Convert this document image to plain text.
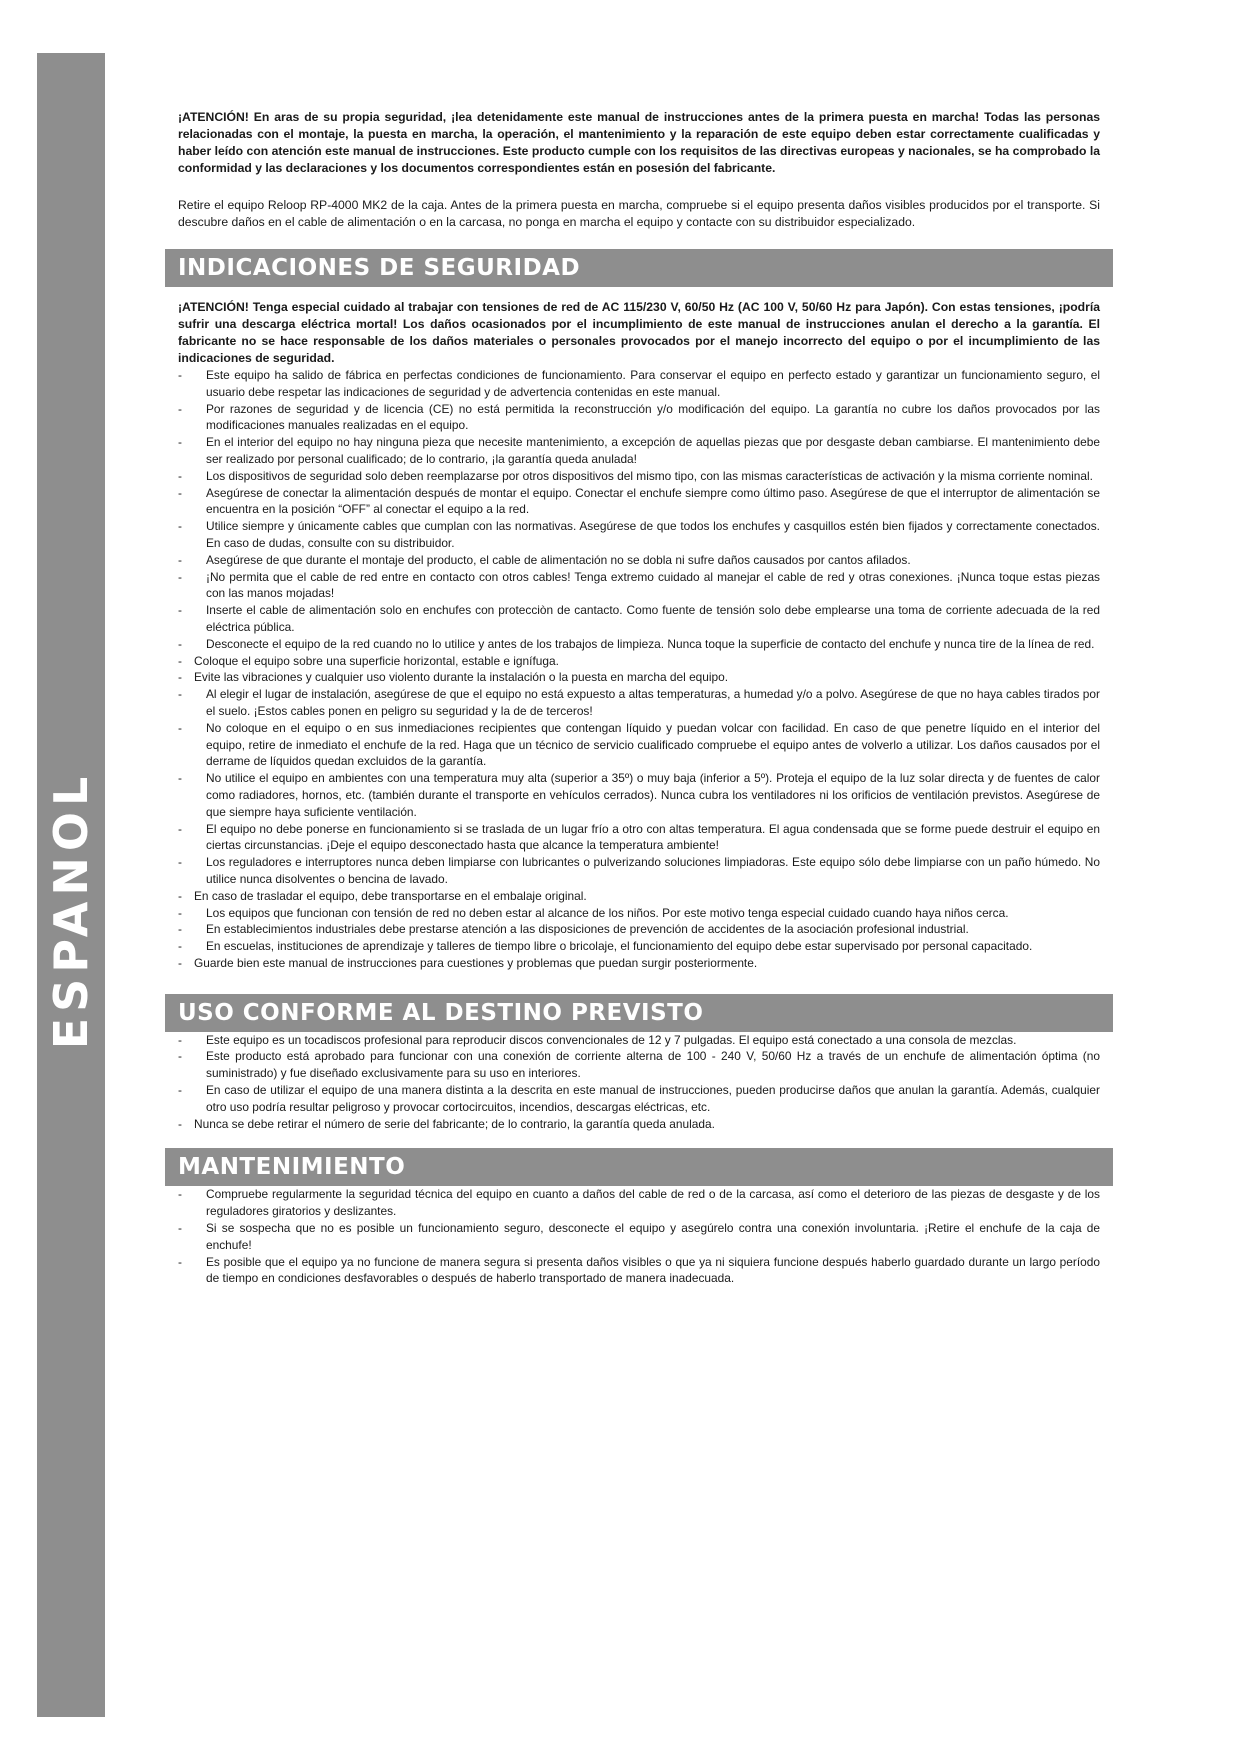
ESPANOL
14

¡ATENCIÓN! En aras de su propia seguridad, ¡lea detenidamente este manual de instrucciones antes de la primera puesta en marcha! Todas las personas relacionadas con el montaje, la puesta en marcha, la operación, el mantenimiento y la reparación de este equipo deben estar correctamente cualificadas y haber leído con atención este manual de instrucciones. Este producto cumple con los requisitos de las directivas europeas y nacionales, se ha comprobado la conformidad y las declaraciones y los documentos correspondientes están en posesión del fabricante.

Retire el equipo Reloop RP-4000 MK2 de la caja. Antes de la primera puesta en marcha, compruebe si el equipo presenta daños visibles producidos por el transporte. Si descubre daños en el cable de alimentación o en la carcasa, no ponga en marcha el equipo y contacte con su distribuidor especializado.

INDICACIONES DE SEGURIDAD

¡ATENCIÓN! Tenga especial cuidado al trabajar con tensiones de red de AC 115/230 V, 60/50 Hz (AC 100 V, 50/60 Hz para Japón). Con estas tensiones, ¡podría sufrir una descarga eléctrica mortal! Los daños ocasionados por el incumplimiento de este manual de instrucciones anulan el derecho a la garantía. El fabricante no se hace responsable de los daños materiales o personales provocados por el manejo incorrecto del equipo o por el incumplimiento de las indicaciones de seguridad.

- Este equipo ha salido de fábrica en perfectas condiciones de funcionamiento. Para conservar el equipo en perfecto estado y garantizar un funcionamiento seguro, el usuario debe respetar las indicaciones de seguridad y de advertencia contenidas en este manual.
- Por razones de seguridad y de licencia (CE) no está permitida la reconstrucción y/o modificación del equipo. La garantía no cubre los daños provocados por las modificaciones manuales realizadas en el equipo.
- En el interior del equipo no hay ninguna pieza que necesite mantenimiento, a excepción de aquellas piezas que por desgaste deban cambiarse. El mantenimiento debe ser realizado por personal cualificado; de lo contrario, ¡la garantía queda anulada!
- Los dispositivos de seguridad solo deben reemplazarse por otros dispositivos del mismo tipo, con las mismas características de activación y la misma corriente nominal.
- Asegúrese de conectar la alimentación después de montar el equipo. Conectar el enchufe siempre como último paso. Asegúrese de que el interruptor de alimentación se encuentra en la posición “OFF” al conectar el equipo a la red.
- Utilice siempre y únicamente cables que cumplan con las normativas. Asegúrese de que todos los enchufes y casquillos estén bien fijados y correctamente conectados. En caso de dudas, consulte con su distribuidor.
- Asegúrese de que durante el montaje del producto, el cable de alimentación no se dobla ni sufre daños causados por cantos afilados.
- ¡No permita que el cable de red entre en contacto con otros cables! Tenga extremo cuidado al manejar el cable de red y otras conexiones. ¡Nunca toque estas piezas con las manos mojadas!
- Inserte el cable de alimentación solo en enchufes con protecciòn de cantacto. Como fuente de tensión solo debe emplearse una toma de corriente adecuada de la red eléctrica pública.
- Desconecte el equipo de la red cuando no lo utilice y antes de los trabajos de limpieza. Nunca toque la superficie de contacto del enchufe y nunca tire de la línea de red.
- Coloque el equipo sobre una superficie horizontal, estable e ignífuga.
- Evite las vibraciones y cualquier uso violento durante la instalación o la puesta en marcha del equipo.
- Al elegir el lugar de instalación, asegúrese de que el equipo no está expuesto a altas temperaturas, a humedad y/o a polvo. Asegúrese de que no haya cables tirados por el suelo. ¡Estos cables ponen en peligro su seguridad y la de de terceros!
- No coloque en el equipo o en sus inmediaciones recipientes que contengan líquido y puedan volcar con facilidad. En caso de que penetre líquido en el interior del equipo, retire de inmediato el enchufe de la red. Haga que un técnico de servicio cualificado compruebe el equipo antes de volverlo a utilizar. Los daños causados por el derrame de líquidos quedan excluidos de la garantía.
- No utilice el equipo en ambientes con una temperatura muy alta (superior a 35º) o muy baja (inferior a 5º). Proteja el equipo de la luz solar directa y de fuentes de calor como radiadores, hornos, etc. (también durante el transporte en vehículos cerrados). Nunca cubra los ventiladores ni los orificios de ventilación previstos. Asegúrese de que siempre haya suficiente ventilación.
- El equipo no debe ponerse en funcionamiento si se traslada de un lugar frío a otro con altas temperatura. El agua condensada que se forme puede destruir el equipo en ciertas circunstancias. ¡Deje el equipo desconectado hasta que alcance la temperatura ambiente!
- Los reguladores e interruptores nunca deben limpiarse con lubricantes o pulverizando soluciones limpiadoras. Este equipo sólo debe limpiarse con un paño húmedo. No utilice nunca disolventes o bencina de lavado.
- En caso de trasladar el equipo, debe transportarse en el embalaje original.
- Los equipos que funcionan con tensión de red no deben estar al alcance de los niños. Por este motivo tenga especial cuidado cuando haya niños cerca.
- En establecimientos industriales debe prestarse atención a las disposiciones de prevención de accidentes de la asociación profesional industrial.
- En escuelas, instituciones de aprendizaje y talleres de tiempo libre o bricolaje, el funcionamiento del equipo debe estar supervisado por personal capacitado.
- Guarde bien este manual de instrucciones para cuestiones y problemas que puedan surgir posteriormente.
USO CONFORME AL DESTINO PREVISTO
- Este equipo es un tocadiscos profesional para reproducir discos convencionales de 12 y 7 pulgadas. El equipo está conectado a una consola de mezclas.
- Este producto está aprobado para funcionar con una conexión de corriente alterna de 100 - 240 V, 50/60 Hz a través de un enchufe de alimentación óptima (no suministrado) y fue diseñado exclusivamente para su uso en interiores.
- En caso de utilizar el equipo de una manera distinta a la descrita en este manual de instrucciones, pueden producirse daños que anulan la garantía. Además, cualquier otro uso podría resultar peligroso y provocar cortocircuitos, incendios, descargas eléctricas, etc.
- Nunca se debe retirar el número de serie del fabricante; de lo contrario, la garantía queda anulada.
MANTENIMIENTO
- Compruebe regularmente la seguridad técnica del equipo en cuanto a daños del cable de red o de la carcasa, así como el deterioro de las piezas de desgaste y de los reguladores giratorios y deslizantes.
- Si se sospecha que no es posible un funcionamiento seguro, desconecte el equipo y asegúrelo contra una conexión involuntaria. ¡Retire el enchufe de la caja de enchufe!
- Es posible que el equipo ya no funcione de manera segura si presenta daños visibles o que ya ni siquiera funcione después haberlo guardado durante un largo período de tiempo en condiciones desfavorables o después de haberlo transportado de manera inadecuada.
